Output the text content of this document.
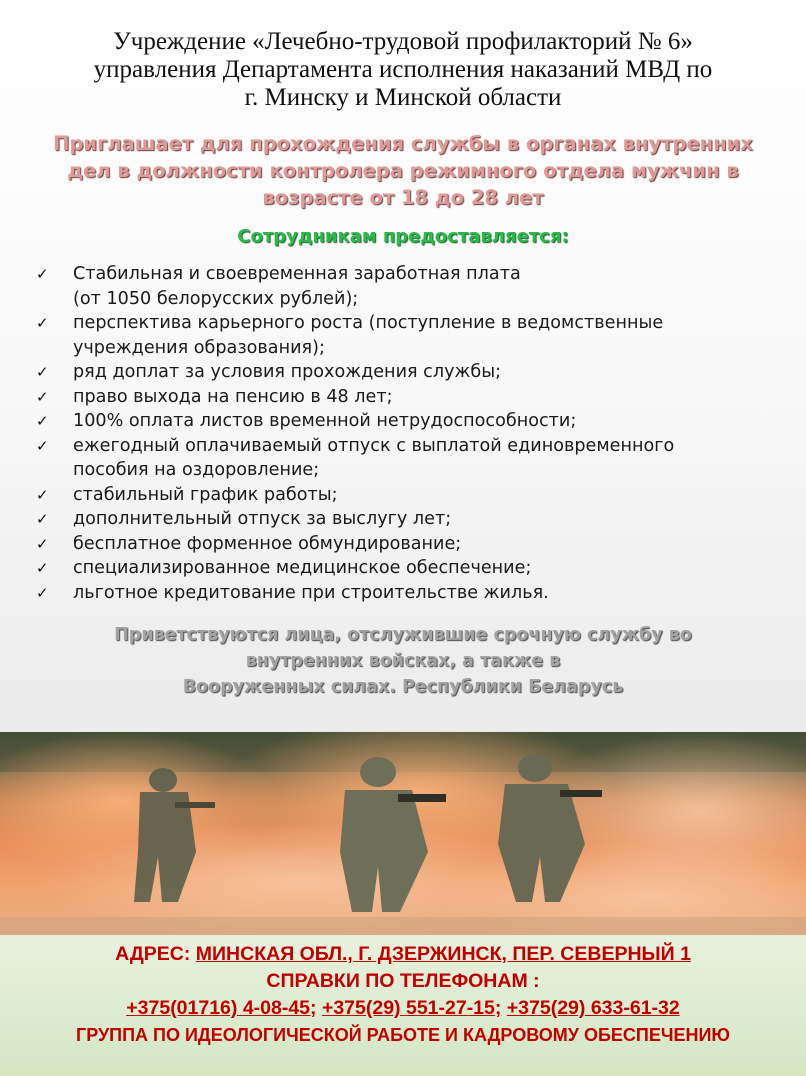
Учреждение «Лечебно-трудовой профилакторий № 6»
управления Департамента исполнения наказаний МВД по
г. Минску и Минской области
Приглашает для прохождения службы в органах внутренних
дел в должности контролера режимного отдела мужчин в
возрасте от 18 до 28 лет
Сотрудникам предоставляется:
✓ Стабильная и своевременная заработная плата
(от 1050 белорусских рублей);
✓ перспектива карьерного роста (поступление в ведомственные
учреждения образования);
✓ ряд доплат за условия прохождения службы;
✓ право выхода на пенсию в 48 лет;
✓ 100% оплата листов временной нетрудоспособности;
✓ ежегодный оплачиваемый отпуск с выплатой единовременного
пособия на оздоровление;
✓ стабильный график работы;
✓ дополнительный отпуск за выслугу лет;
✓ бесплатное форменное обмундирование;
✓ специализированное медицинское обеспечение;
✓ льготное кредитование при строительстве жилья.
Приветствуются лица, отслужившие срочную службу во
внутренних войсках, а также в
Вооруженных силах. Республики Беларусь
АДРЕС: МИНСКАЯ ОБЛ., Г. ДЗЕРЖИНСК, ПЕР. СЕВЕРНЫЙ 1
СПРАВКИ ПО ТЕЛЕФОНАМ :
+375(01716) 4-08-45; +375(29) 551-27-15; +375(29) 633-61-32
ГРУППА ПО ИДЕОЛОГИЧЕСКОЙ РАБОТЕ И КАДРОВОМУ ОБЕСПЕЧЕНИЮ
